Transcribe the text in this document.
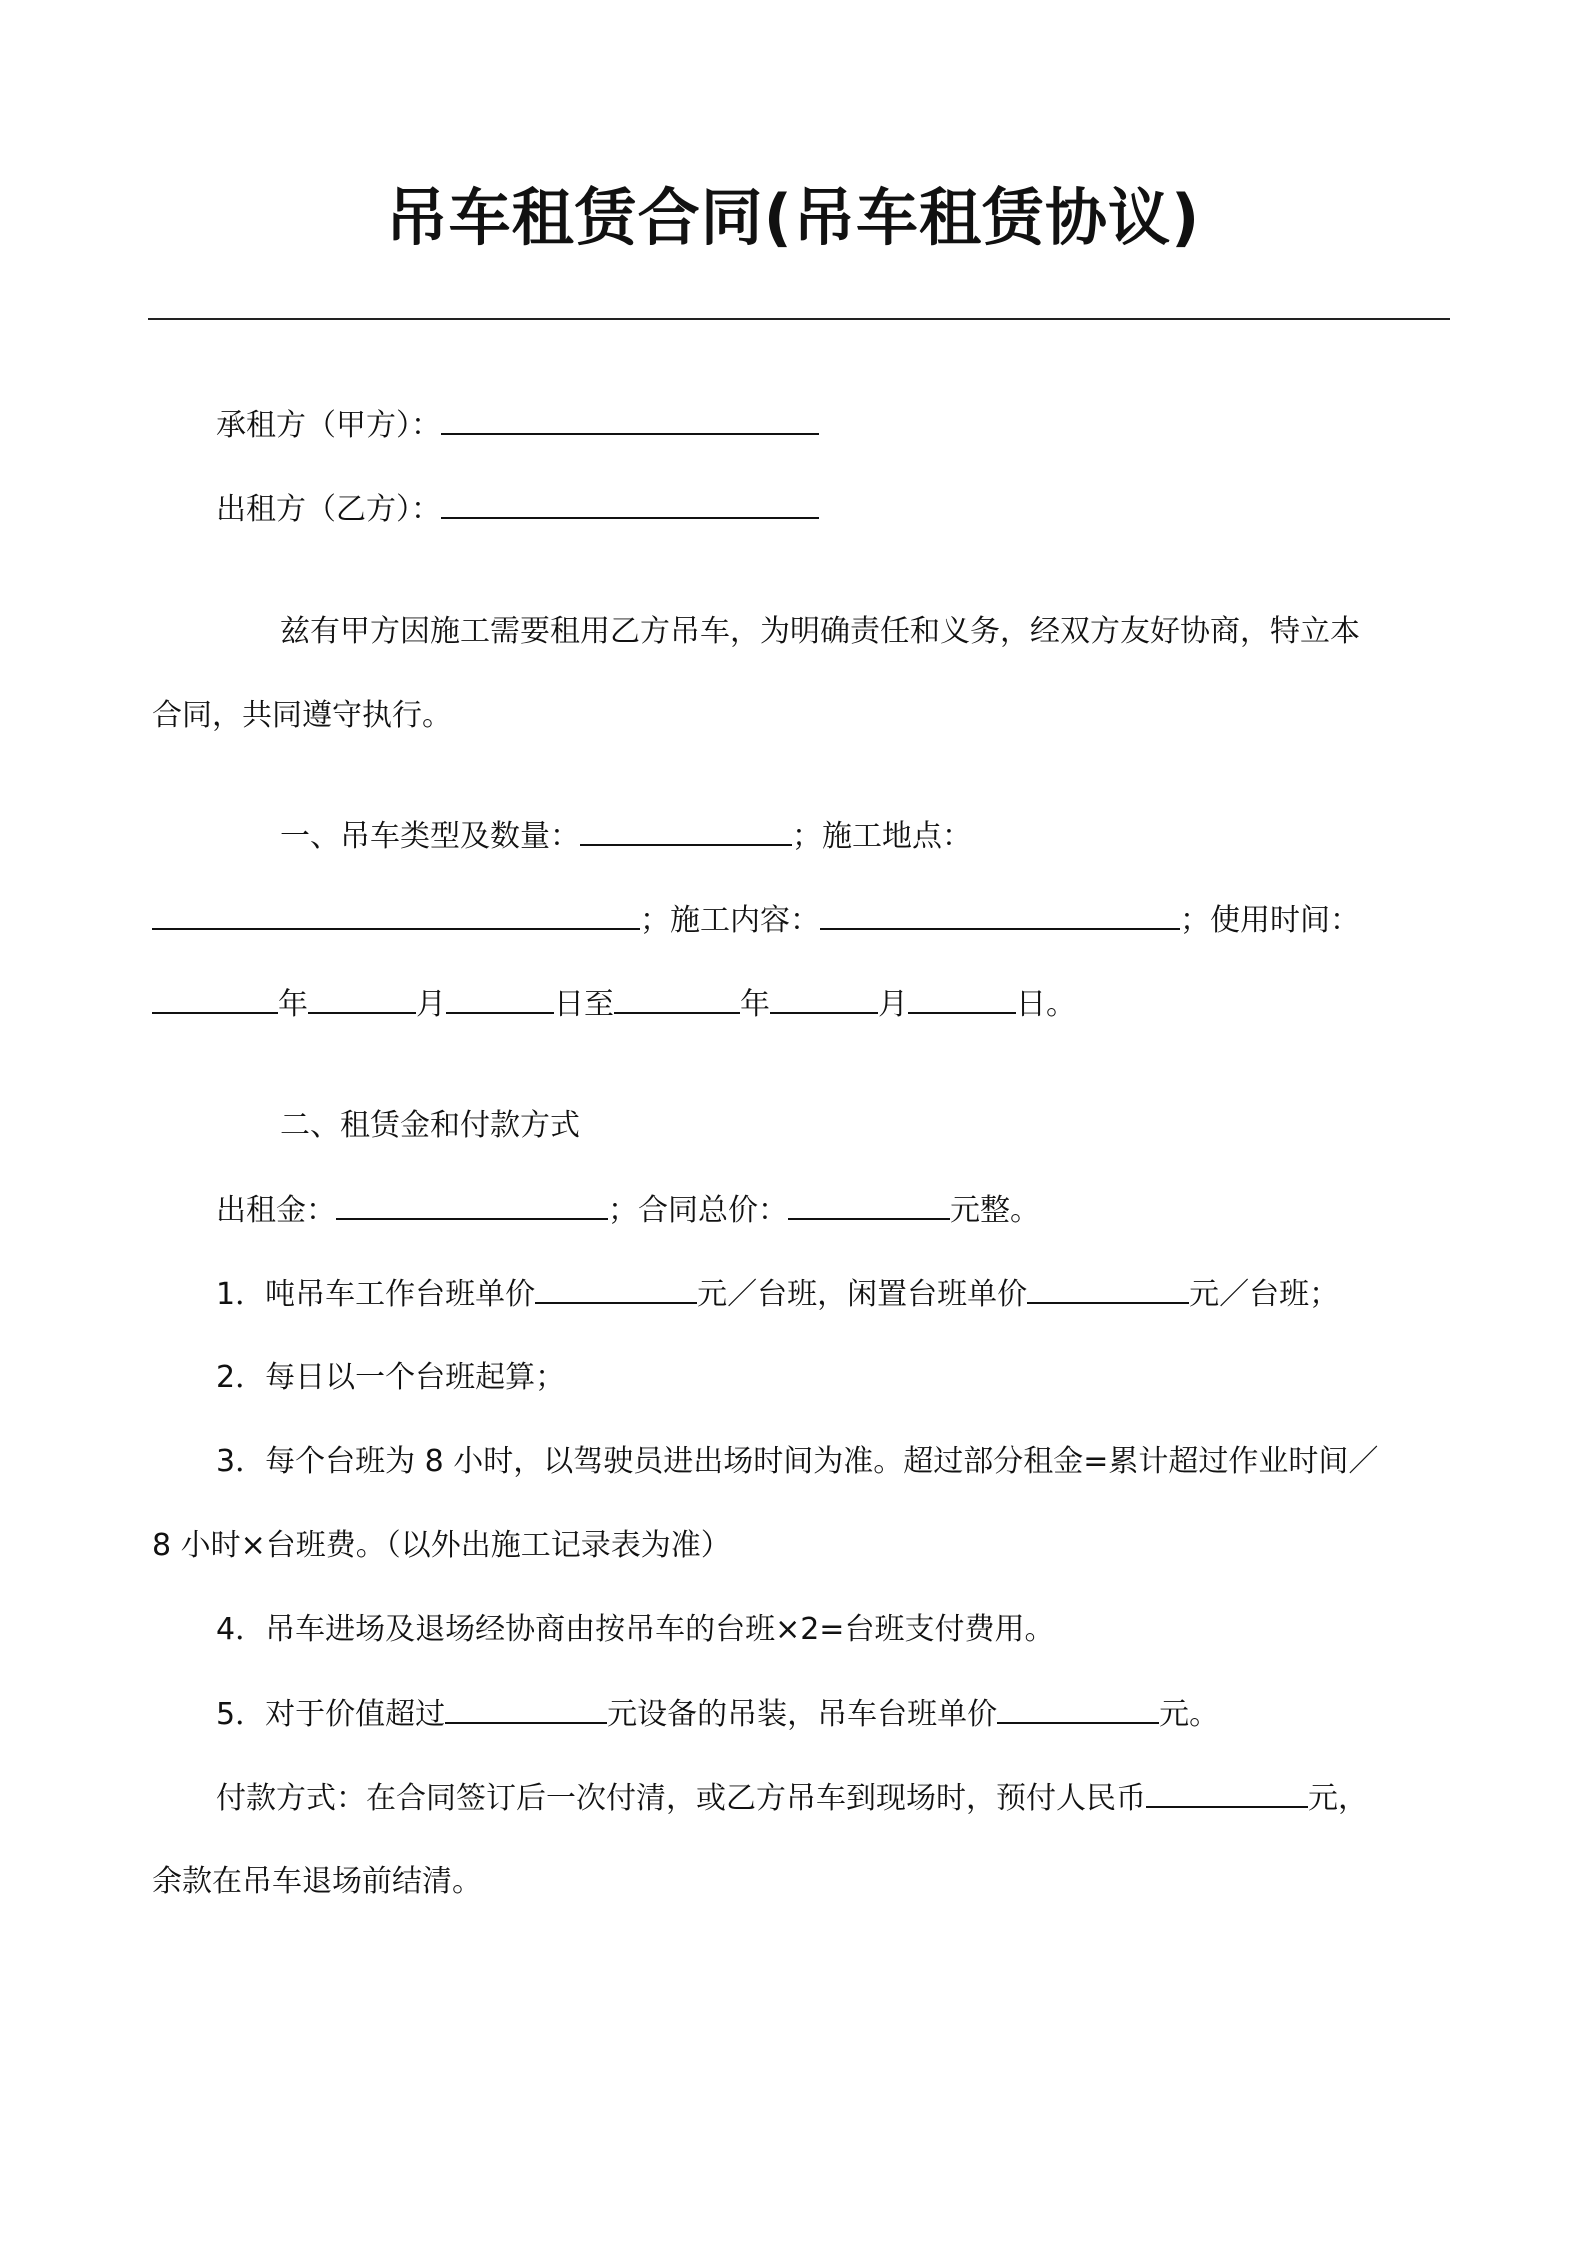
吊车租赁合同(吊车租赁协议)
承租方（甲方）：
出租方（乙方）：
兹有甲方因施工需要租用乙方吊车，为明确责任和义务，经双方友好协商，特立本
合同，共同遵守执行。
一、吊车类型及数量：	；施工地点：
；施工内容：	；使用时间：
年	月	日至	年	月	日。
二、租赁金和付款方式
出租金：	；合同总价：	元整。
1．吨吊车工作台班单价	元／台班，闲置台班单价	元／台班；
2．每日以一个台班起算；
3．每个台班为 8 小时，以驾驶员进出场时间为准。超过部分租金=累计超过作业时间／
8 小时×台班费。（以外出施工记录表为准）
4．吊车进场及退场经协商由按吊车的台班×2=台班支付费用。
5．对于价值超过	元设备的吊装，吊车台班单价	元。
付款方式：在合同签订后一次付清，或乙方吊车到现场时，预付人民币	元，
余款在吊车退场前结清。
